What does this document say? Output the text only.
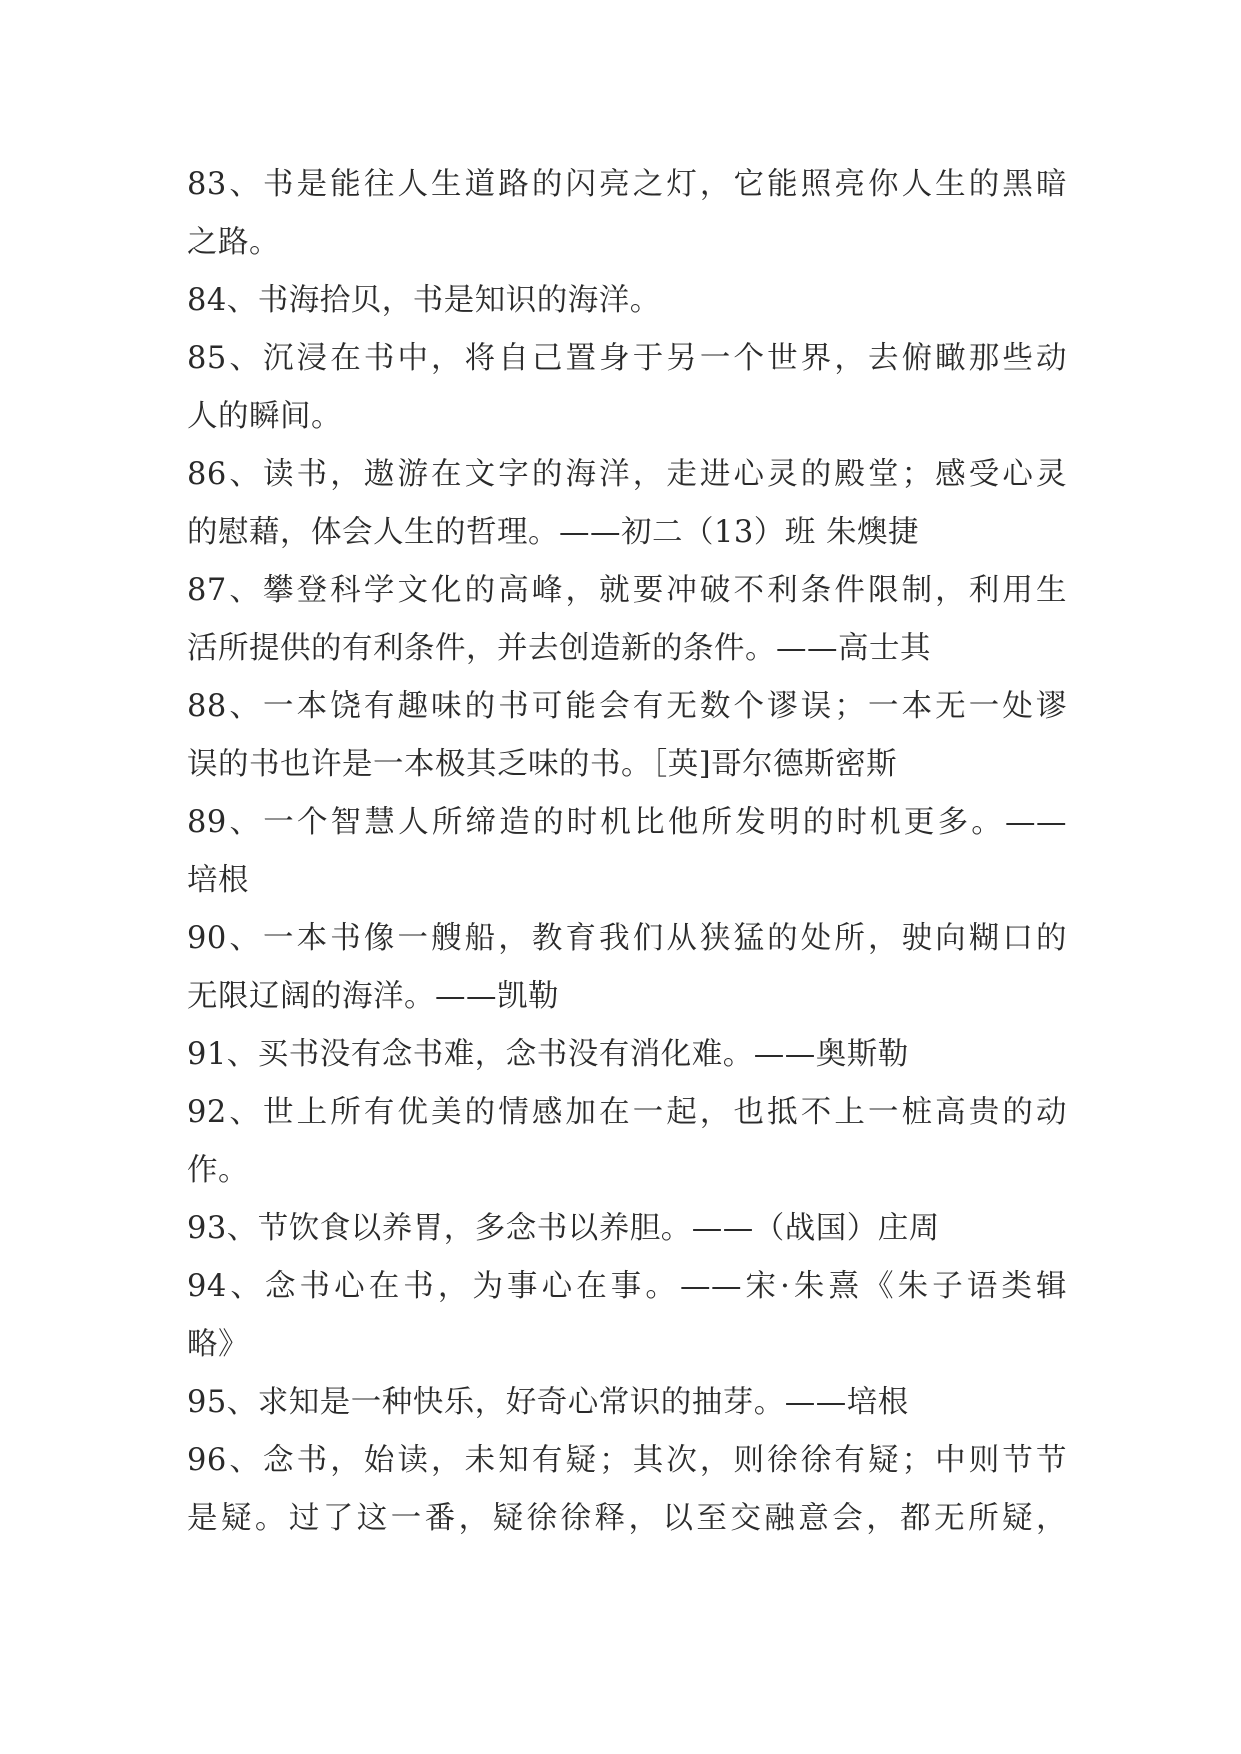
83、书是能往人生道路的闪亮之灯，它能照亮你人生的黑暗
之路。
84、书海拾贝，书是知识的海洋。
85、沉浸在书中，将自己置身于另一个世界，去俯瞰那些动
人的瞬间。
86、读书，遨游在文字的海洋，走进心灵的殿堂；感受心灵
的慰藉，体会人生的哲理。——初二（13）班 朱燠捷
87、攀登科学文化的高峰，就要冲破不利条件限制，利用生
活所提供的有利条件，并去创造新的条件。——高士其
88、一本饶有趣味的书可能会有无数个谬误；一本无一处谬
误的书也许是一本极其乏味的书。［英]哥尔德斯密斯
89、一个智慧人所缔造的时机比他所发明的时机更多。——
培根
90、一本书像一艘船，教育我们从狭猛的处所，驶向糊口的
无限辽阔的海洋。——凯勒
91、买书没有念书难，念书没有消化难。——奥斯勒
92、世上所有优美的情感加在一起，也抵不上一桩高贵的动
作。
93、节饮食以养胃，多念书以养胆。——（战国）庄周
94、念书心在书，为事心在事。——宋·朱熹《朱子语类辑
略》
95、求知是一种快乐，好奇心常识的抽芽。——培根
96、念书，始读，未知有疑；其次，则徐徐有疑；中则节节
是疑。过了这一番，疑徐徐释，以至交融意会，都无所疑，
